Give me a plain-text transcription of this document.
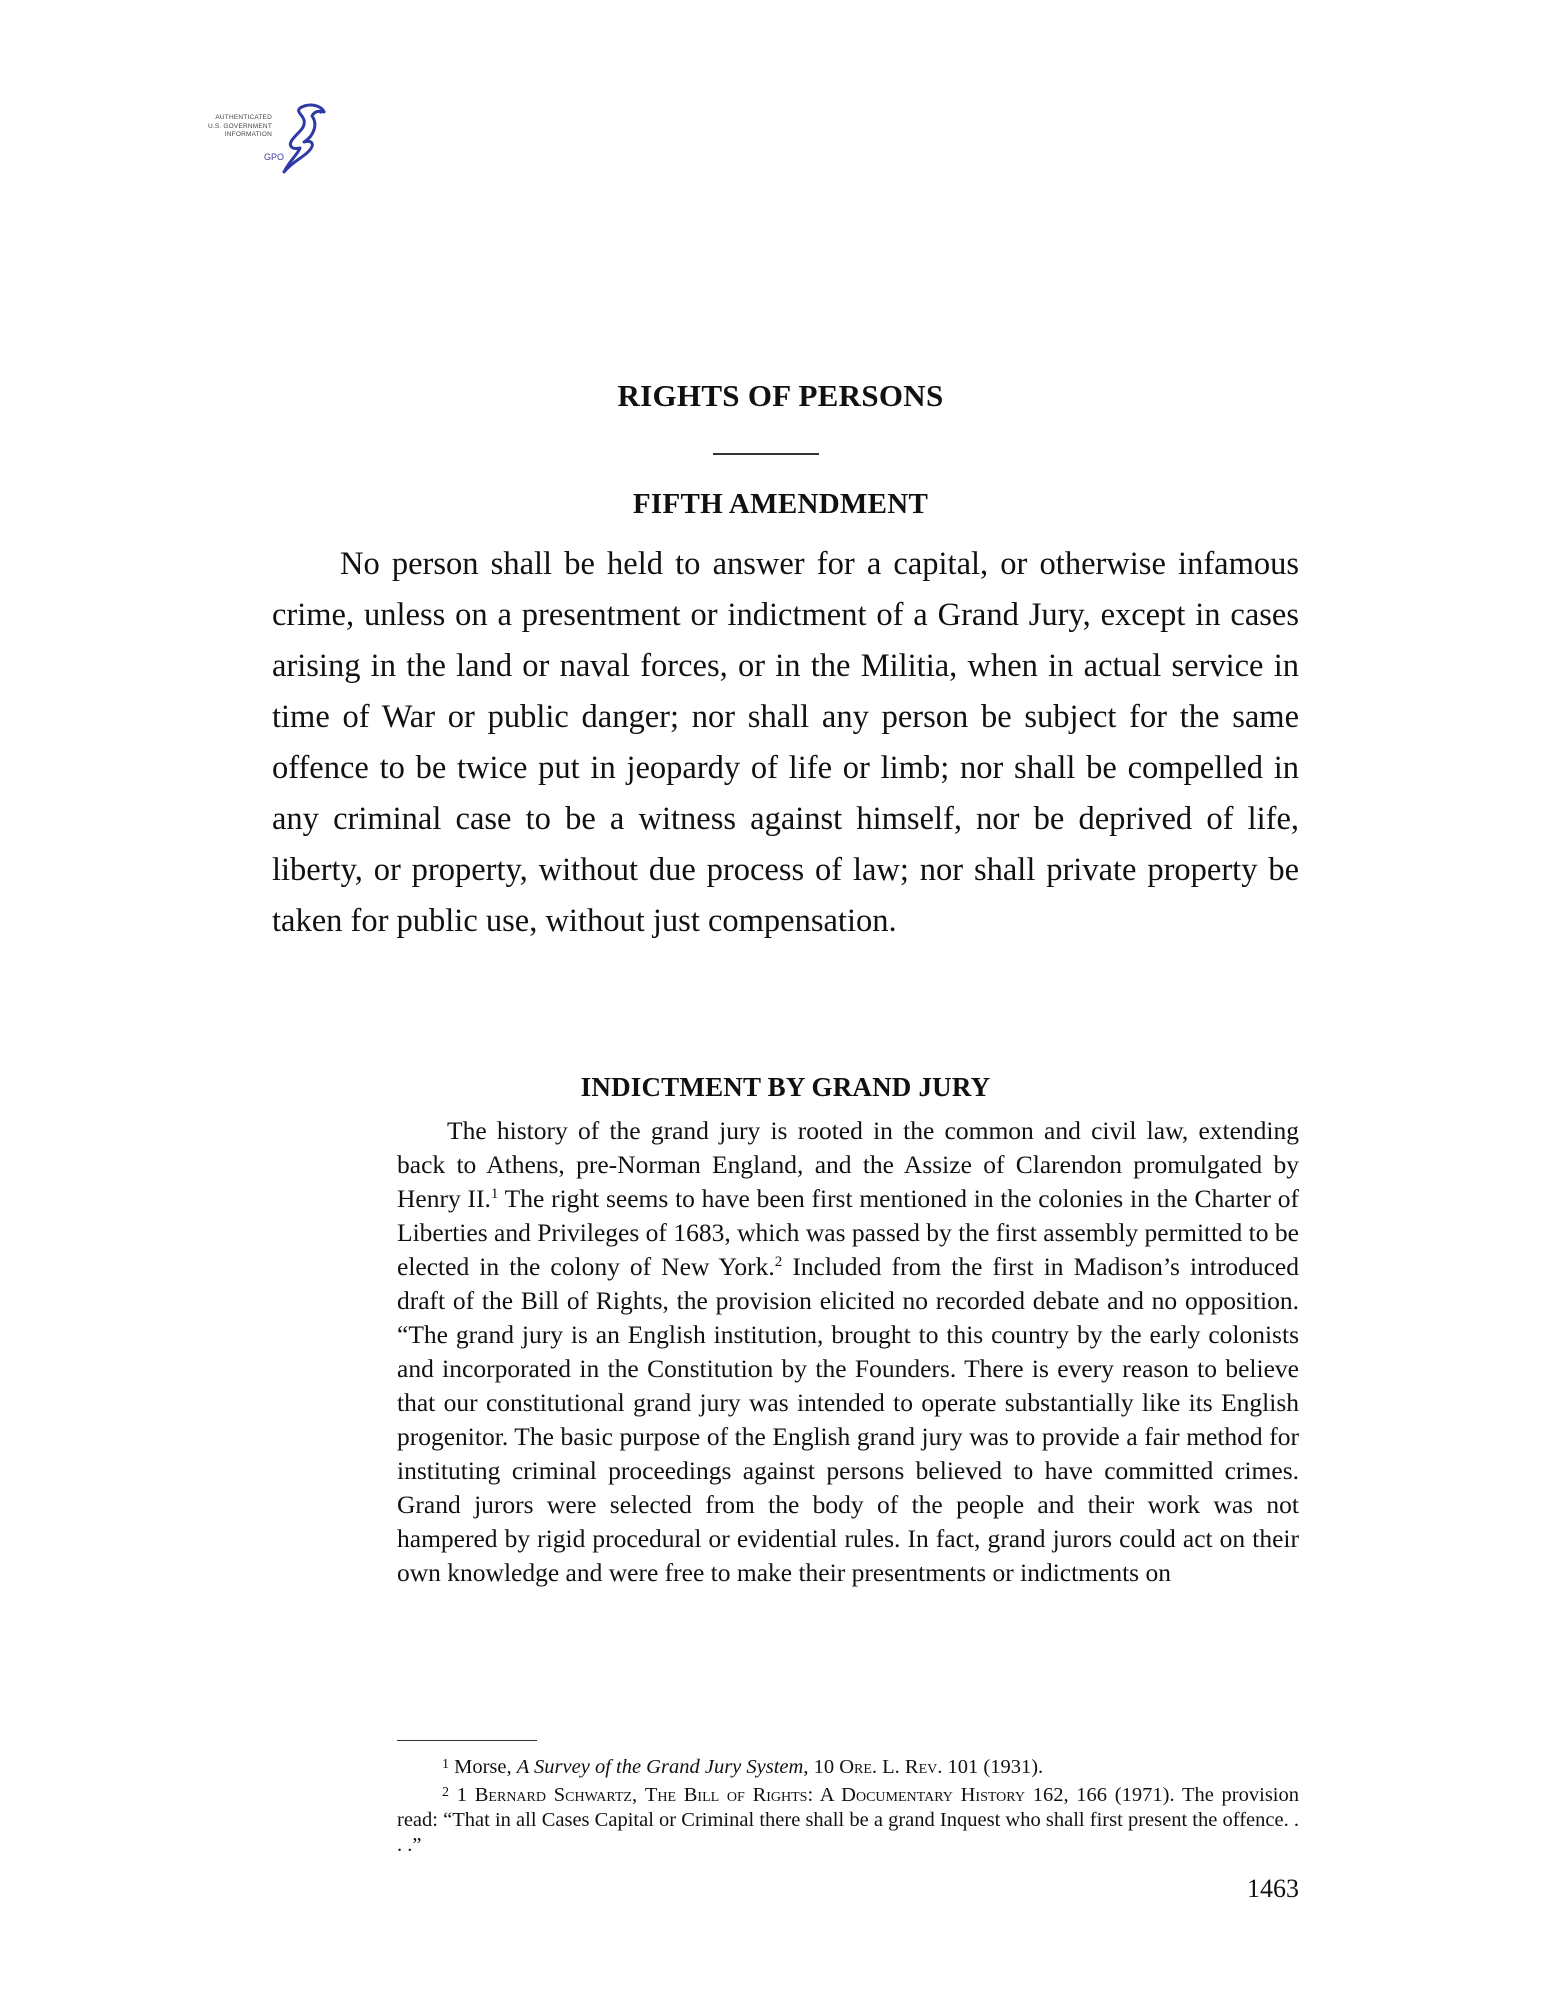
AUTHENTICATED
U.S. GOVERNMENT
INFORMATION
GPO
RIGHTS OF PERSONS
FIFTH AMENDMENT

No person shall be held to answer for a capital, or otherwise infamous crime, unless on a presentment or indictment of a Grand Jury, except in cases arising in the land or naval forces, or in the Militia, when in actual service in time of War or public danger; nor shall any person be subject for the same offence to be twice put in jeopardy of life or limb; nor shall be compelled in any criminal case to be a witness against himself, nor be deprived of life, liberty, or property, without due process of law; nor shall private property be taken for public use, without just compensation.

INDICTMENT BY GRAND JURY

The history of the grand jury is rooted in the common and civil law, extending back to Athens, pre-Norman England, and the Assize of Clarendon promulgated by Henry II.$^1$ The right seems to have been first mentioned in the colonies in the Charter of Liberties and Privileges of 1683, which was passed by the first assembly permitted to be elected in the colony of New York.$^2$ Included from the first in Madison’s introduced draft of the Bill of Rights, the provision elicited no recorded debate and no opposition. “The grand jury is an English institution, brought to this country by the early colonists and incorporated in the Constitution by the Founders. There is every reason to believe that our constitutional grand jury was intended to operate substantially like its English progenitor. The basic purpose of the English grand jury was to provide a fair method for instituting criminal proceedings against persons believed to have committed crimes. Grand jurors were selected from the body of the people and their work was not hampered by rigid procedural or evidential rules. In fact, grand jurors could act on their own knowledge and were free to make their presentments or indictments on

$^1$ Morse, A Survey of the Grand Jury System, 10 Ore. L. Rev. 101 (1931).

$^2$ 1 Bernard Schwartz, The Bill of Rights: A Documentary History 162, 166 (1971). The provision read: “That in all Cases Capital or Criminal there shall be a grand Inquest who shall first present the offence. . . .”

1463
